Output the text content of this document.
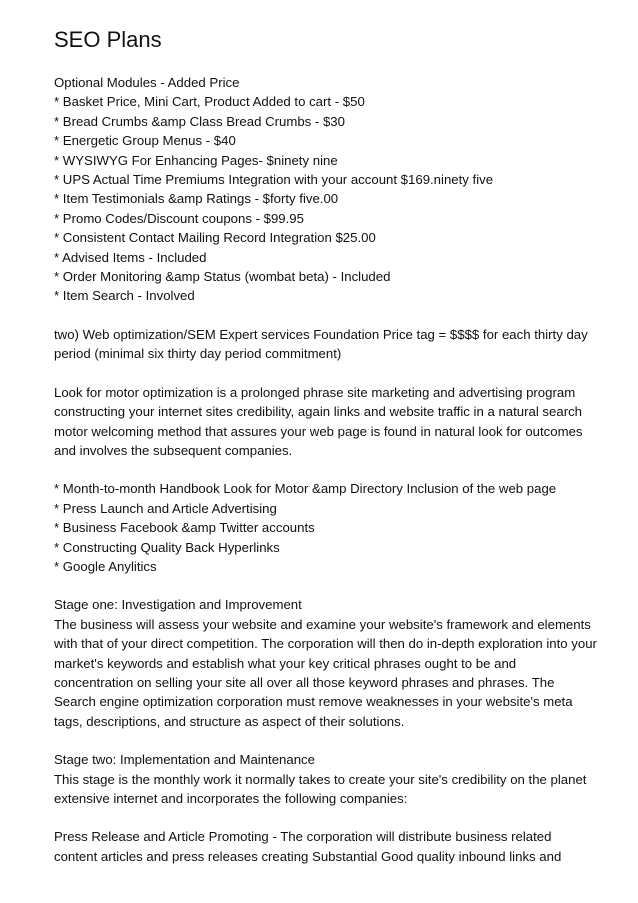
SEO Plans

Optional Modules - Added Price

* Basket Price, Mini Cart, Product Added to cart - $50

* Bread Crumbs &amp Class Bread Crumbs - $30

* Energetic Group Menus - $40

* WYSIWYG For Enhancing Pages- $ninety nine

* UPS Actual Time Premiums Integration with your account $169.ninety five

* Item Testimonials &amp Ratings - $forty five.00

* Promo Codes/Discount coupons - $99.95

* Consistent Contact Mailing Record Integration $25.00

* Advised Items - Included

* Order Monitoring &amp Status (wombat beta) - Included

* Item Search - Involved

two) Web optimization/SEM Expert services Foundation Price tag = $$$$ for each thirty day

period (minimal six thirty day period commitment)

Look for motor optimization is a prolonged phrase site marketing and advertising program

constructing your internet sites credibility, again links and website traffic in a natural search

motor welcoming method that assures your web page is found in natural look for outcomes

and involves the subsequent companies.

* Month-to-month Handbook Look for Motor &amp Directory Inclusion of the web page

* Press Launch and Article Advertising

* Business Facebook &amp Twitter accounts

* Constructing Quality Back Hyperlinks

* Google Anylitics

Stage one: Investigation and Improvement

The business will assess your website and examine your website's framework and elements

with that of your direct competition. The corporation will then do in-depth exploration into your

market's keywords and establish what your key critical phrases ought to be and

concentration on selling your site all over all those keyword phrases and phrases. The

Search engine optimization corporation must remove weaknesses in your website's meta

tags, descriptions, and structure as aspect of their solutions.

Stage two: Implementation and Maintenance

This stage is the monthly work it normally takes to create your site's credibility on the planet

extensive internet and incorporates the following companies:

Press Release and Article Promoting - The corporation will distribute business related

content articles and press releases creating Substantial Good quality inbound links and
